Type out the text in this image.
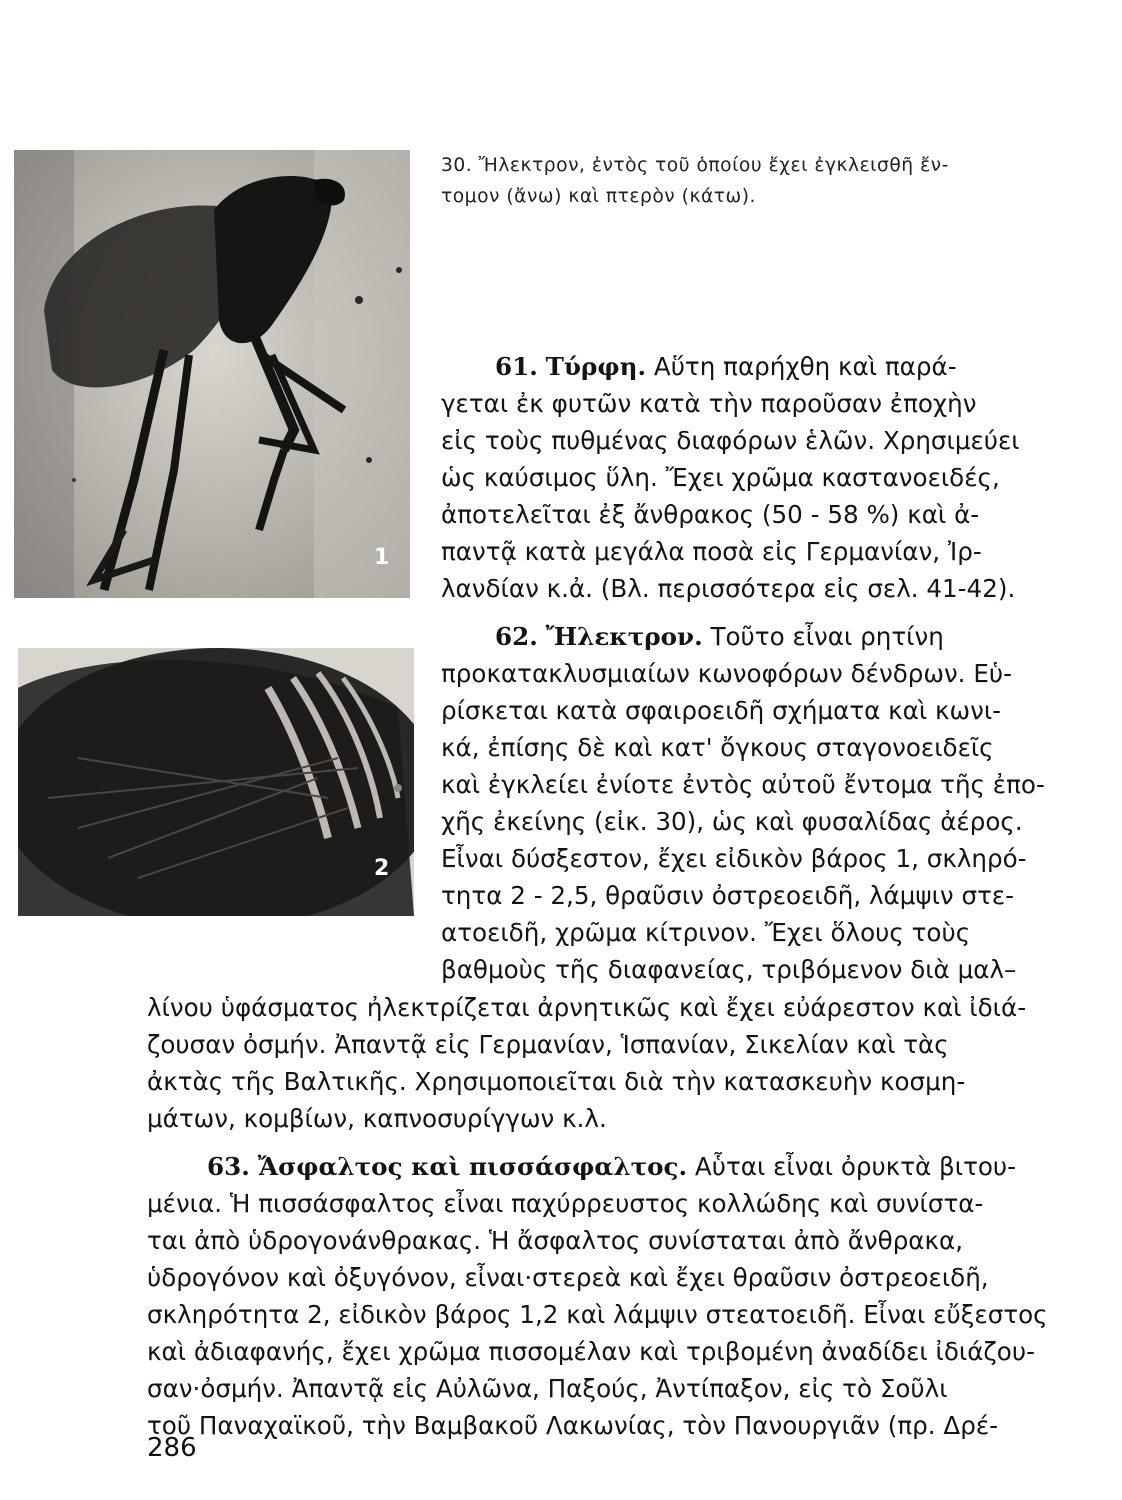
1
2

30. Ἤλεκτρον, ἐντὸς τοῦ ὁποίου ἔχει ἐγκλεισθῆ ἔν-

τομον (ἄνω) καὶ πτερὸν (κάτω).

61. Τύρφη. Αὕτη παρήχθη καὶ παρά-
γεται ἐκ φυτῶν κατὰ τὴν παροῦσαν ἐποχὴν
εἰς τοὺς πυθμένας διαφόρων ἑλῶν. Χρησιμεύει
ὡς καύσιμος ὕλη. Ἔχει χρῶμα καστανοειδές,
ἀποτελεῖται ἐξ ἄνθρακος (50 - 58 %) καὶ ἀ-
παντᾷ κατὰ μεγάλα ποσὰ εἰς Γερμανίαν, Ἰρ-
λανδίαν κ.ἀ. (Βλ. περισσότερα εἰς σελ. 41-42).
62. Ἤλεκτρον. Τοῦτο εἶναι ρητίνη
προκατακλυσμιαίων κωνοφόρων δένδρων. Εὑ-
ρίσκεται κατὰ σφαιροειδῆ σχήματα καὶ κωνι-
κά, ἐπίσης δὲ καὶ κατ' ὄγκους σταγονοειδεῖς
καὶ ἐγκλείει ἐνίοτε ἐντὸς αὐτοῦ ἔντομα τῆς ἐπο-
χῆς ἐκείνης (εἰκ. 30), ὡς καὶ φυσαλίδας ἀέρος.
Εἶναι δύσξεστον, ἔχει εἰδικὸν βάρος 1, σκληρό-
τητα 2 - 2,5, θραῦσιν ὀστρεοειδῆ, λάμψιν στε-
ατοειδῆ, χρῶμα κίτρινον. Ἔχει ὅλους τοὺς
βαθμοὺς τῆς διαφανείας, τριβόμενον διὰ μαλ–
λίνου ὑφάσματος ἠλεκτρίζεται ἀρνητικῶς καὶ ἔχει εὐάρεστον καὶ ἰδιά-
ζουσαν ὀσμήν. Ἀπαντᾷ εἰς Γερμανίαν, Ἱσπανίαν, Σικελίαν καὶ τὰς
ἀκτὰς τῆς Βαλτικῆς. Χρησιμοποιεῖται διὰ τὴν κατασκευὴν κοσμη-
μάτων, κομβίων, καπνοσυρίγγων κ.λ.
63. Ἄσφαλτος καὶ πισσάσφαλτος. Αὗται εἶναι ὀρυκτὰ βιτου-
μένια. Ἡ πισσάσφαλτος εἶναι παχύρρευστος κολλώδης καὶ συνίστα-
ται ἀπὸ ὑδρογονάνθρακας. Ἡ ἄσφαλτος συνίσταται ἀπὸ ἄνθρακα,
ὑδρογόνον καὶ ὀξυγόνον, εἶναι·στερεὰ καὶ ἔχει θραῦσιν ὀστρεοειδῆ,
σκληρότητα 2, εἰδικὸν βάρος 1,2 καὶ λάμψιν στεατοειδῆ. Εἶναι εὔξεστος
καὶ ἀδιαφανής, ἔχει χρῶμα πισσομέλαν καὶ τριβομένη ἀναδίδει ἰδιάζου-
σαν·ὀσμήν. Ἀπαντᾷ εἰς Αὐλῶνα, Παξούς, Ἀντίπαξον, εἰς τὸ Σοῦλι
τοῦ Παναχαϊκοῦ, τὴν Βαμβακοῦ Λακωνίας, τὸν Πανουργιᾶν (πρ. Δρέ-
286
